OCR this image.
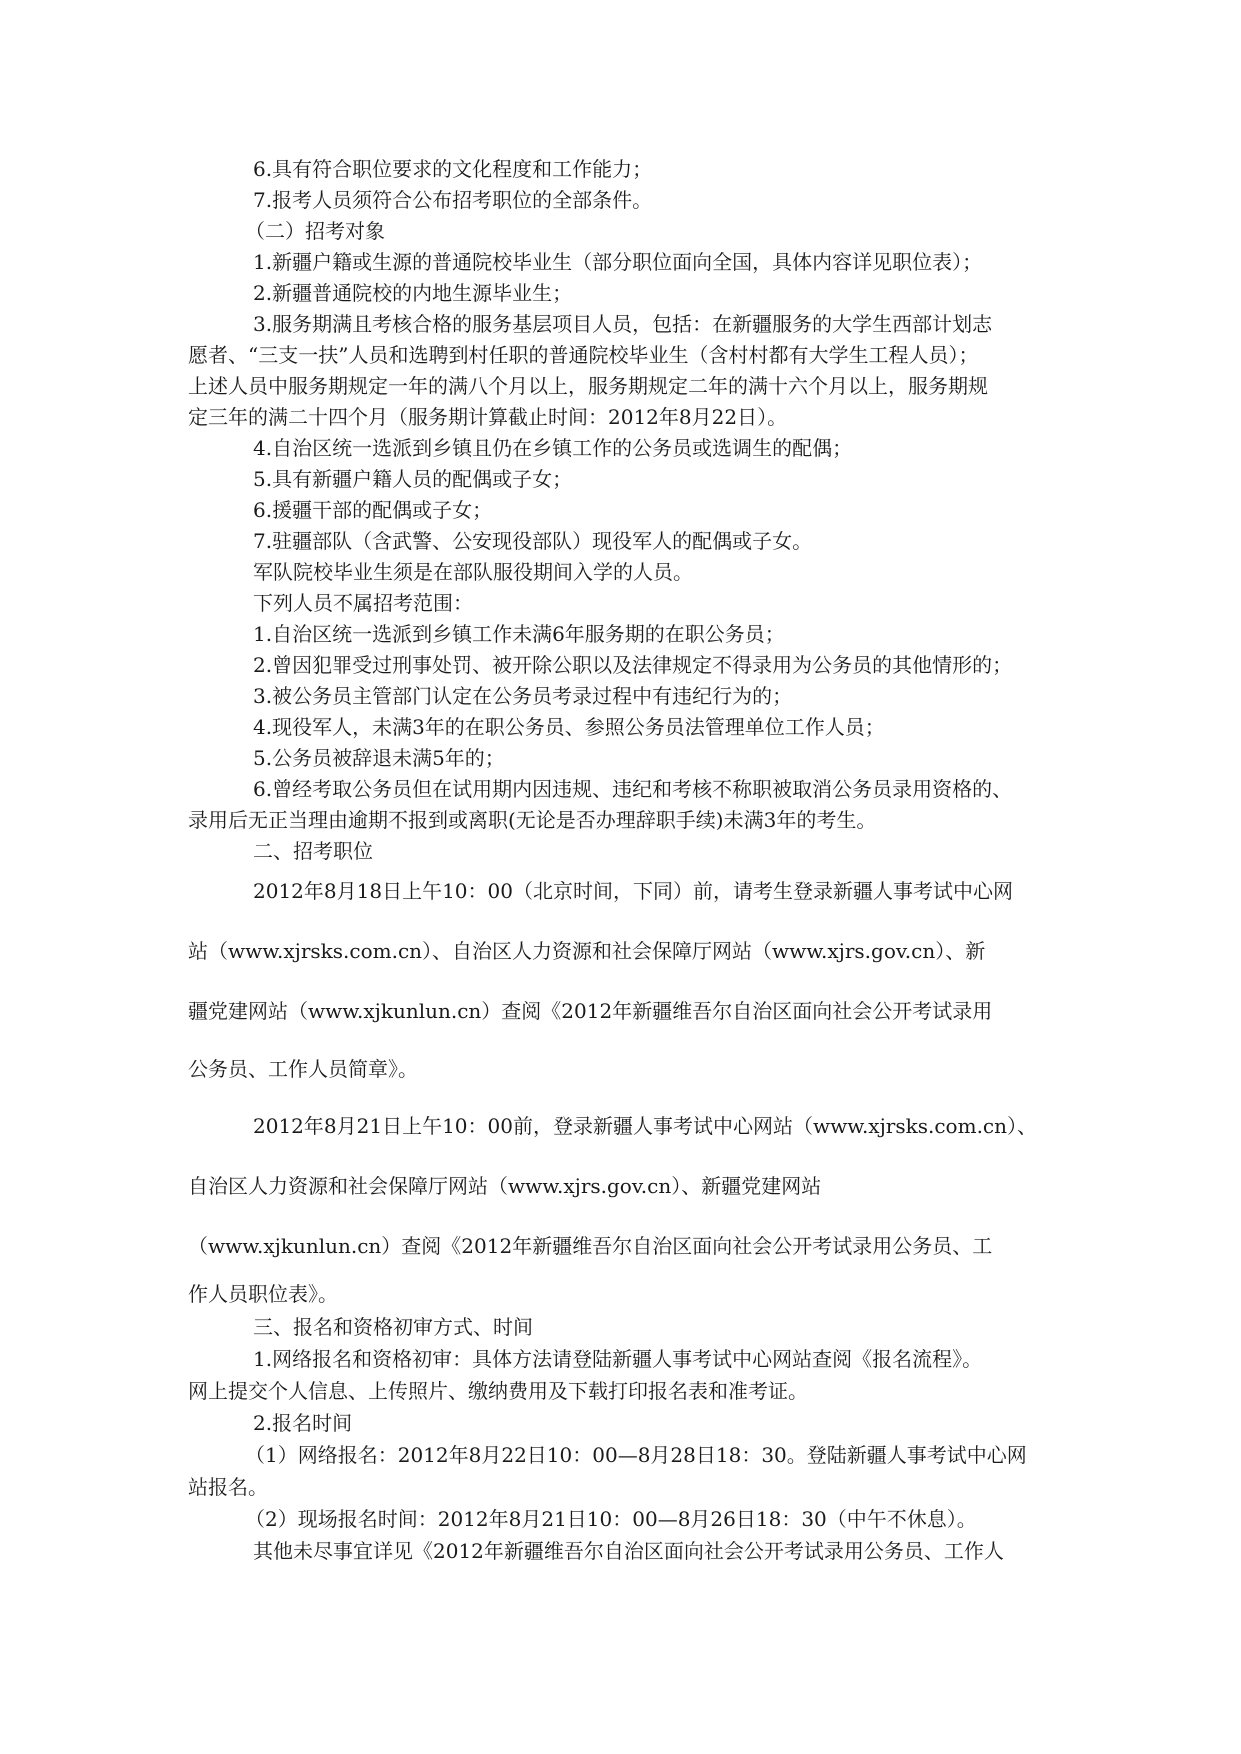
6.具有符合职位要求的文化程度和工作能力；
7.报考人员须符合公布招考职位的全部条件。
（二）招考对象
1.新疆户籍或生源的普通院校毕业生（部分职位面向全国，具体内容详见职位表）；
2.新疆普通院校的内地生源毕业生；
3.服务期满且考核合格的服务基层项目人员，包括：在新疆服务的大学生西部计划志
愿者、“三支一扶”人员和选聘到村任职的普通院校毕业生（含村村都有大学生工程人员）；
上述人员中服务期规定一年的满八个月以上，服务期规定二年的满十六个月以上，服务期规
定三年的满二十四个月（服务期计算截止时间：2012年8月22日）。
4.自治区统一选派到乡镇且仍在乡镇工作的公务员或选调生的配偶；
5.具有新疆户籍人员的配偶或子女；
6.援疆干部的配偶或子女；
7.驻疆部队（含武警、公安现役部队）现役军人的配偶或子女。
军队院校毕业生须是在部队服役期间入学的人员。
下列人员不属招考范围：
1.自治区统一选派到乡镇工作未满6年服务期的在职公务员；
2.曾因犯罪受过刑事处罚、被开除公职以及法律规定不得录用为公务员的其他情形的；
3.被公务员主管部门认定在公务员考录过程中有违纪行为的；
4.现役军人，未满3年的在职公务员、参照公务员法管理单位工作人员；
5.公务员被辞退未满5年的；
6.曾经考取公务员但在试用期内因违规、违纪和考核不称职被取消公务员录用资格的、
录用后无正当理由逾期不报到或离职(无论是否办理辞职手续)未满3年的考生。
二、招考职位
2012年8月18日上午10：00（北京时间，下同）前，请考生登录新疆人事考试中心网
站（www.xjrsks.com.cn）、自治区人力资源和社会保障厅网站（www.xjrs.gov.cn）、新
疆党建网站（www.xjkunlun.cn）查阅《2012年新疆维吾尔自治区面向社会公开考试录用
公务员、工作人员简章》。
2012年8月21日上午10：00前，登录新疆人事考试中心网站（www.xjrsks.com.cn）、
自治区人力资源和社会保障厅网站（www.xjrs.gov.cn）、新疆党建网站
（www.xjkunlun.cn）查阅《2012年新疆维吾尔自治区面向社会公开考试录用公务员、工
作人员职位表》。
三、报名和资格初审方式、时间
1.网络报名和资格初审：具体方法请登陆新疆人事考试中心网站查阅《报名流程》。
网上提交个人信息、上传照片、缴纳费用及下载打印报名表和准考证。
2.报名时间
（1）网络报名：2012年8月22日10：00—8月28日18：30。登陆新疆人事考试中心网
站报名。
（2）现场报名时间：2012年8月21日10：00—8月26日18：30（中午不休息）。
其他未尽事宜详见《2012年新疆维吾尔自治区面向社会公开考试录用公务员、工作人
